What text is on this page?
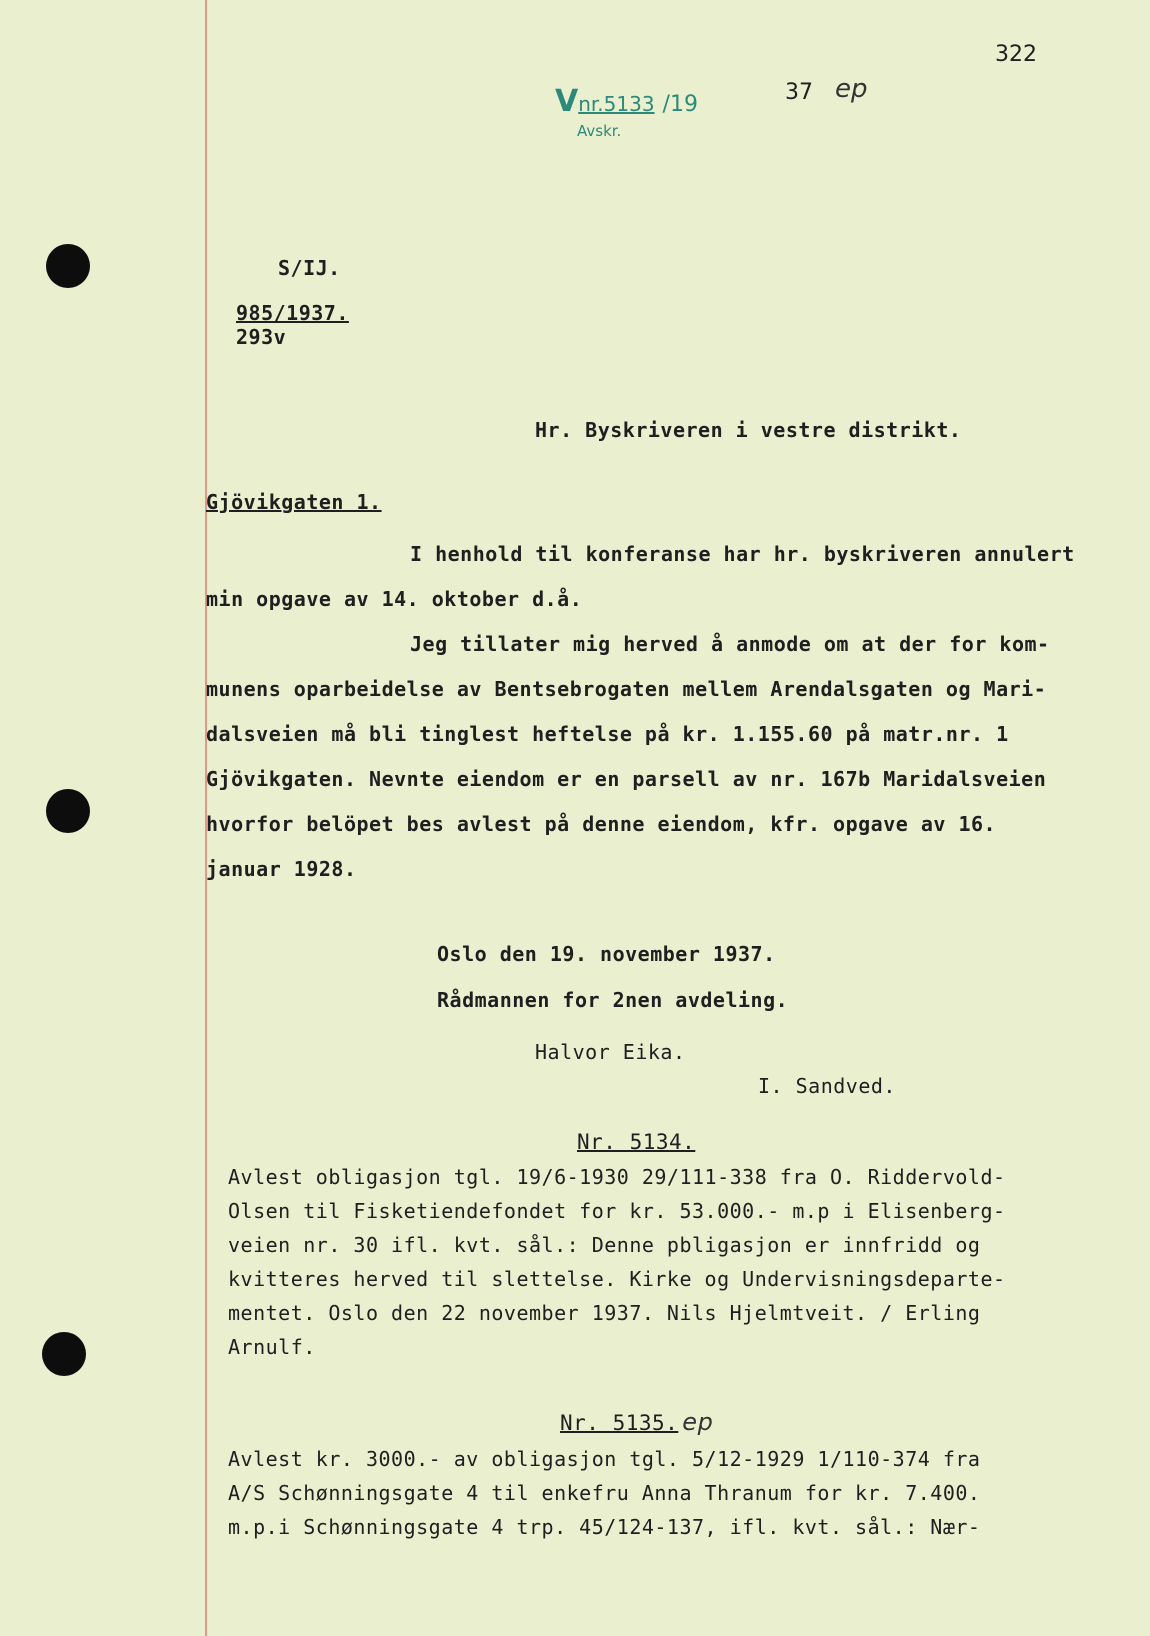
Vnr.5133 /19
Avskr.
37 ep
322
S/IJ.
985/1937.
293v
Hr. Byskriveren i vestre distrikt.
Gjövikgaten 1.
I henhold til konferanse har hr. byskriveren annulert
min opgave av 14. oktober d.å.
Jeg tillater mig herved å anmode om at der for kom-
munens oparbeidelse av Bentsebrogaten mellem Arendalsgaten og Mari-
dalsveien må bli tinglest heftelse på kr. 1.155.60 på matr.nr. 1
Gjövikgaten. Nevnte eiendom er en parsell av nr. 167b Maridalsveien
hvorfor belöpet bes avlest på denne eiendom, kfr. opgave av 16.
januar 1928.
Oslo den 19. november 1937.
Rådmannen for 2nen avdeling.
Halvor Eika.
I. Sandved.
Nr. 5134.
Avlest obligasjon tgl. 19/6-1930 29/111-338 fra O. Riddervold-
Olsen til Fisketiendefondet for kr. 53.000.- m.p i Elisenberg-
veien nr. 30 ifl. kvt. sål.: Denne pbligasjon er innfridd og
kvitteres herved til slettelse. Kirke og Undervisningsdeparte-
mentet. Oslo den 22 november 1937. Nils Hjelmtveit. / Erling
Arnulf.
Nr. 5135. ep
Avlest kr. 3000.- av obligasjon tgl. 5/12-1929 1/110-374 fra
A/S Schønningsgate 4 til enkefru Anna Thranum for kr. 7.400.
m.p.i Schønningsgate 4 trp. 45/124-137, ifl. kvt. sål.: Nær-
